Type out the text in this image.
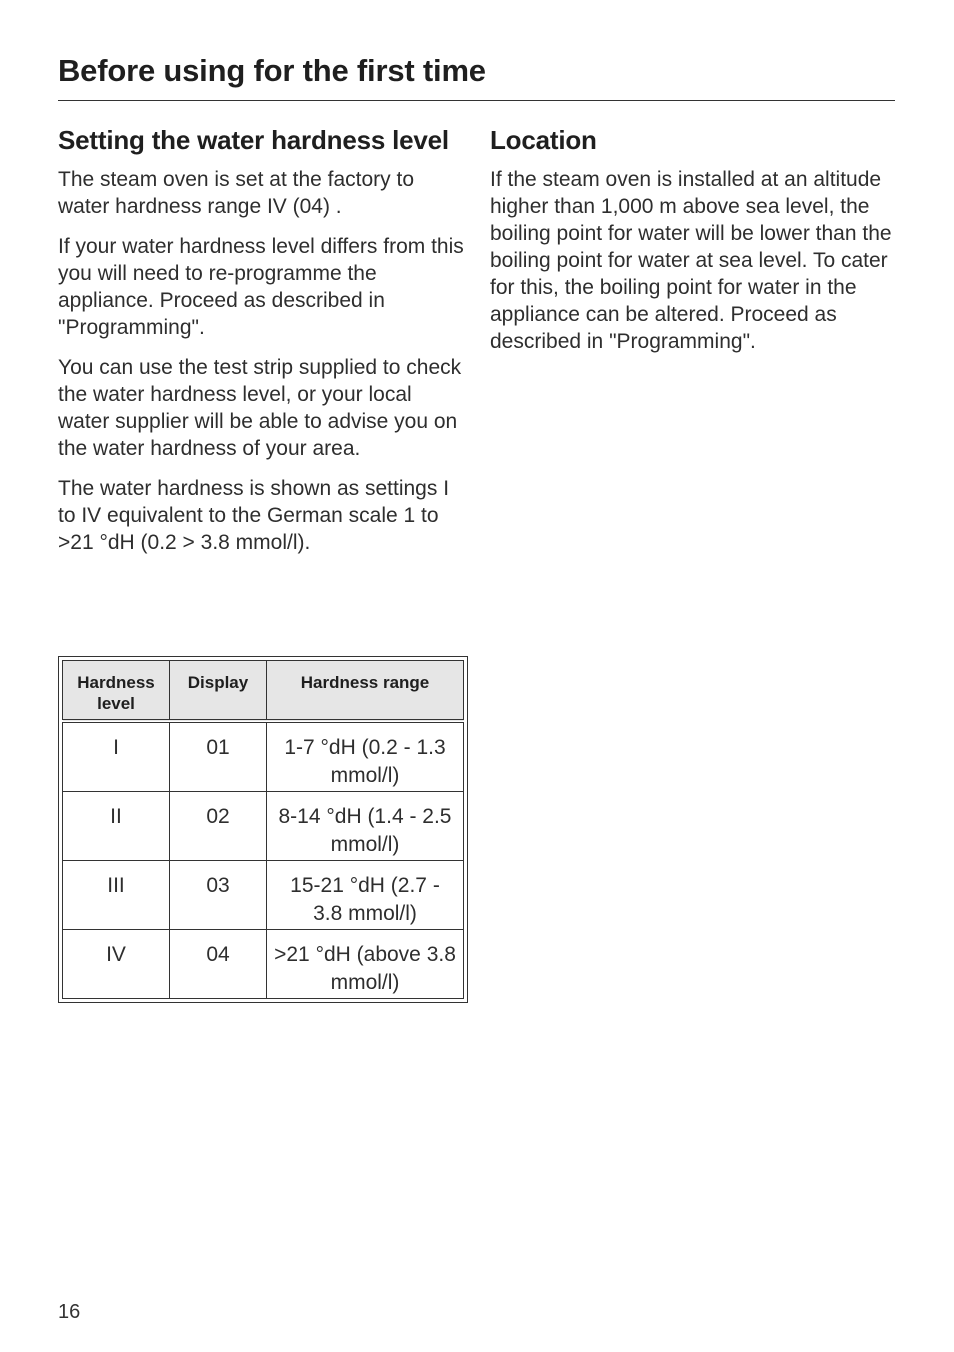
Before using for the first time
Setting the water hardness level

The steam oven is set at the factory to water hardness range IV (04) .

If your water hardness level differs from this you will need to re-programme the appliance. Proceed as described in "Programming".

You can use the test strip supplied to check the water hardness level, or your local water supplier will be able to advise you on the water hardness of your area.

The water hardness is shown as settings I to IV equivalent to the German scale 1 to >21 °dH (0.2 > 3.8 mmol/l).

Hardness level	Display	Hardness range
I	01	1-7 °dH (0.2 - 1.3 mmol/l)
II	02	8-14 °dH (1.4 - 2.5 mmol/l)
III	03	15-21 °dH (2.7 - 3.8 mmol/l)
IV	04	>21 °dH (above 3.8 mmol/l)
Location

If the steam oven is installed at an altitude higher than 1,000 m above sea level, the boiling point for water will be lower than the boiling point for water at sea level. To cater for this, the boiling point for water in the appliance can be altered. Proceed as described in "Programming".

16
